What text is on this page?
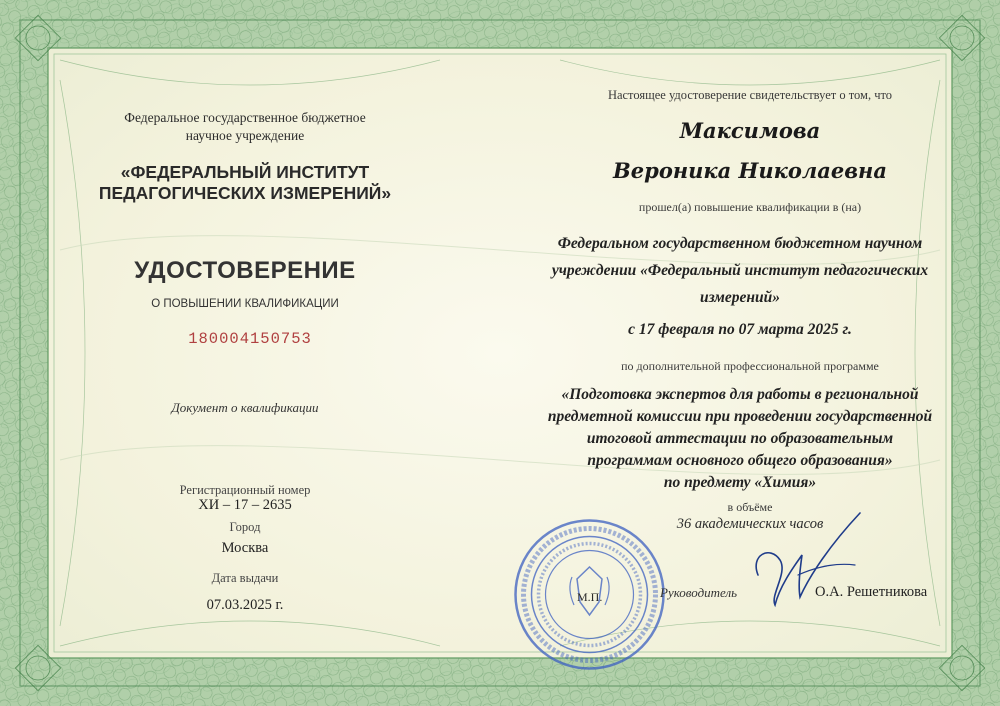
Федеральное государственное бюджетное
научное учреждение
«ФЕДЕРАЛЬНЫЙ ИНСТИТУТ
ПЕДАГОГИЧЕСКИХ ИЗМЕРЕНИЙ»
УДОСТОВЕРЕНИЕ
О ПОВЫШЕНИИ КВАЛИФИКАЦИИ
180004150753
Документ о квалификации
Регистрационный номер
ХИ – 17 – 2635
Город
Москва
Дата выдачи
07.03.2025 г.
Настоящее удостоверение свидетельствует о том, что
Максимова
Вероника Николаевна
прошел(а) повышение квалификации в (на)
Федеральном государственном бюджетном научном
учреждении «Федеральный институт педагогических
измерений»
с 17 февраля по 07 марта 2025 г.
по дополнительной профессиональной программе
«Подготовка экспертов для работы в региональной
предметной комиссии при проведении государственной
итоговой аттестации по образовательным
программам основного общего образования»
по предмету «Химия»
в объёме
36 академических часов
М.П.	Руководитель	О.А. Решетникова
